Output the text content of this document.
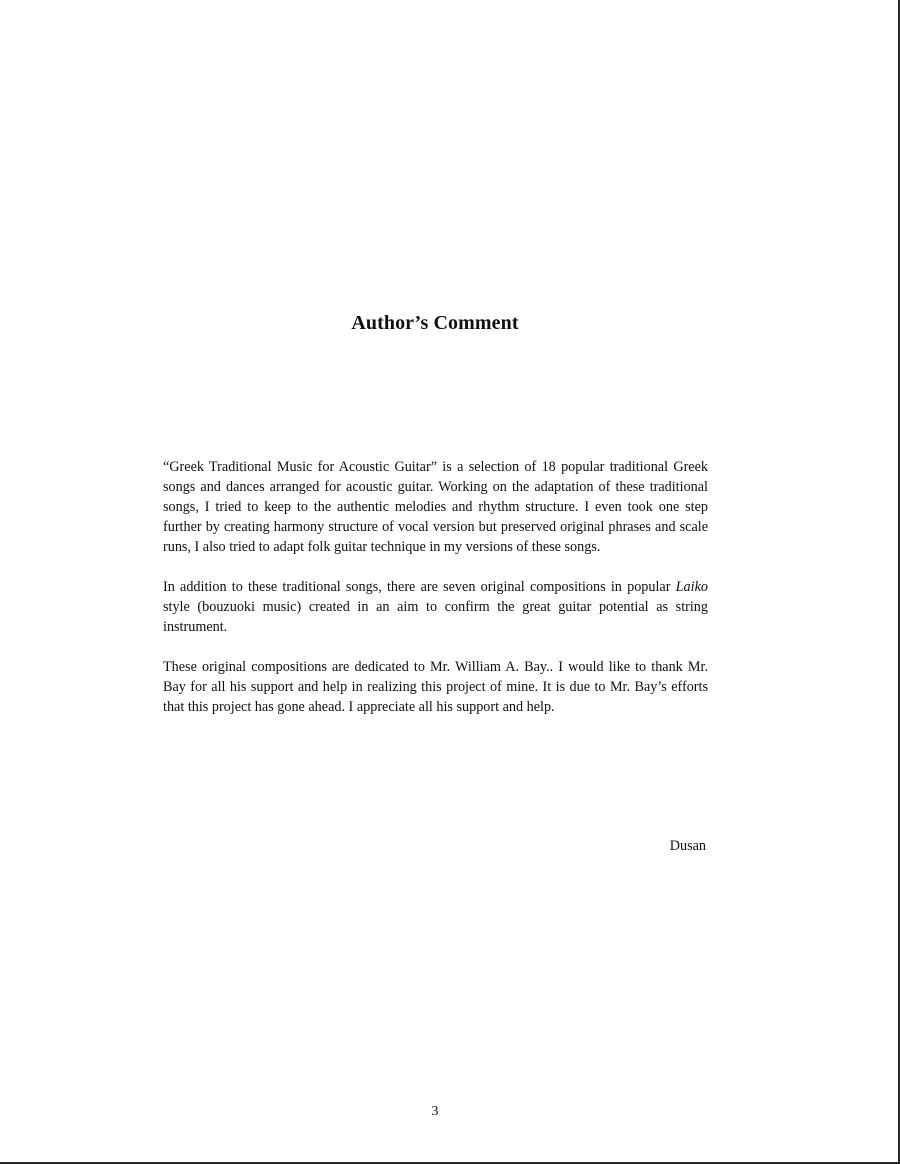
Author’s Comment

“Greek Traditional Music for Acoustic Guitar” is a selection of 18 popular traditional Greek songs and dances arranged for acoustic guitar. Working on the adaptation of these traditional songs, I tried to keep to the authentic melodies and rhythm structure. I even took one step further by creating harmony structure of vocal version but preserved original phrases and scale runs, I also tried to adapt folk guitar technique in my versions of these songs.

In addition to these traditional songs, there are seven original compositions in popular Laiko style (bouzuoki music) created in an aim to confirm the great guitar potential as string instrument.

These original compositions are dedicated to Mr. William A. Bay.. I would like to thank Mr. Bay for all his support and help in realizing this project of mine. It is due to Mr. Bay’s efforts that this project has gone ahead. I appreciate all his support and help.

Dusan

3
